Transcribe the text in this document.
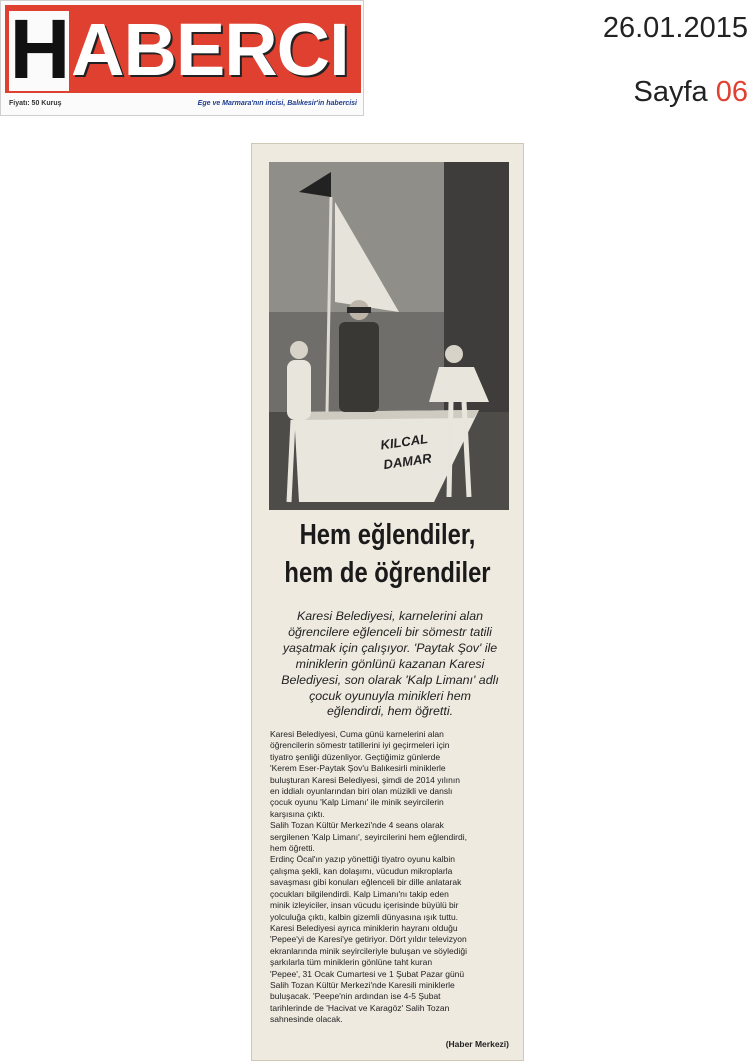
H ABERCI
Fiyatı: 50 Kuruş	Ege ve Marmara'nın incisi, Balıkesir'in habercisi
26.01.2015
Sayfa 06
KILCAL
DAMAR
Hem eğlendiler,
hem de öğrendiler
Karesi Belediyesi, karnelerini alan
öğrencilere eğlenceli bir sömestr tatili
yaşatmak için çalışıyor. 'Paytak Şov' ile
miniklerin gönlünü kazanan Karesi
Belediyesi, son olarak 'Kalp Limanı' adlı
çocuk oyunuyla minikleri hem
eğlendirdi, hem öğretti.
Karesi Belediyesi, Cuma günü karnelerini alan
öğrencilerin sömestr tatillerini iyi geçirmeleri için
tiyatro şenliği düzenliyor. Geçtiğimiz günlerde
'Kerem Eser-Paytak Şov'u Balıkesirli miniklerle
buluşturan Karesi Belediyesi, şimdi de 2014 yılının
en iddialı oyunlarından biri olan müzikli ve danslı
çocuk oyunu 'Kalp Limanı' ile minik seyircilerin
karşısına çıktı.
Salih Tozan Kültür Merkezi'nde 4 seans olarak
sergilenen 'Kalp Limanı', seyircilerini hem eğlendirdi,
hem öğretti.
Erdinç Öcal'ın yazıp yönettiği tiyatro oyunu kalbin
çalışma şekli, kan dolaşımı, vücudun mikroplarla
savaşması gibi konuları eğlenceli bir dille anlatarak
çocukları bilgilendirdi. Kalp Limanı'nı takip eden
minik izleyiciler, insan vücudu içerisinde büyülü bir
yolculuğa çıktı, kalbin gizemli dünyasına ışık tuttu.
Karesi Belediyesi ayrıca miniklerin hayranı olduğu
'Pepee'yi de Karesi'ye getiriyor. Dört yıldır televizyon
ekranlarında minik seyircileriyle buluşan ve söylediği
şarkılarla tüm miniklerin gönlüne taht kuran
'Pepee', 31 Ocak Cumartesi ve 1 Şubat Pazar günü
Salih Tozan Kültür Merkezi'nde Karesili miniklerle
buluşacak. 'Peepe'nin ardından ise 4-5 Şubat
tarihlerinde de 'Hacivat ve Karagöz' Salih Tozan
sahnesinde olacak.
(Haber Merkezi)
